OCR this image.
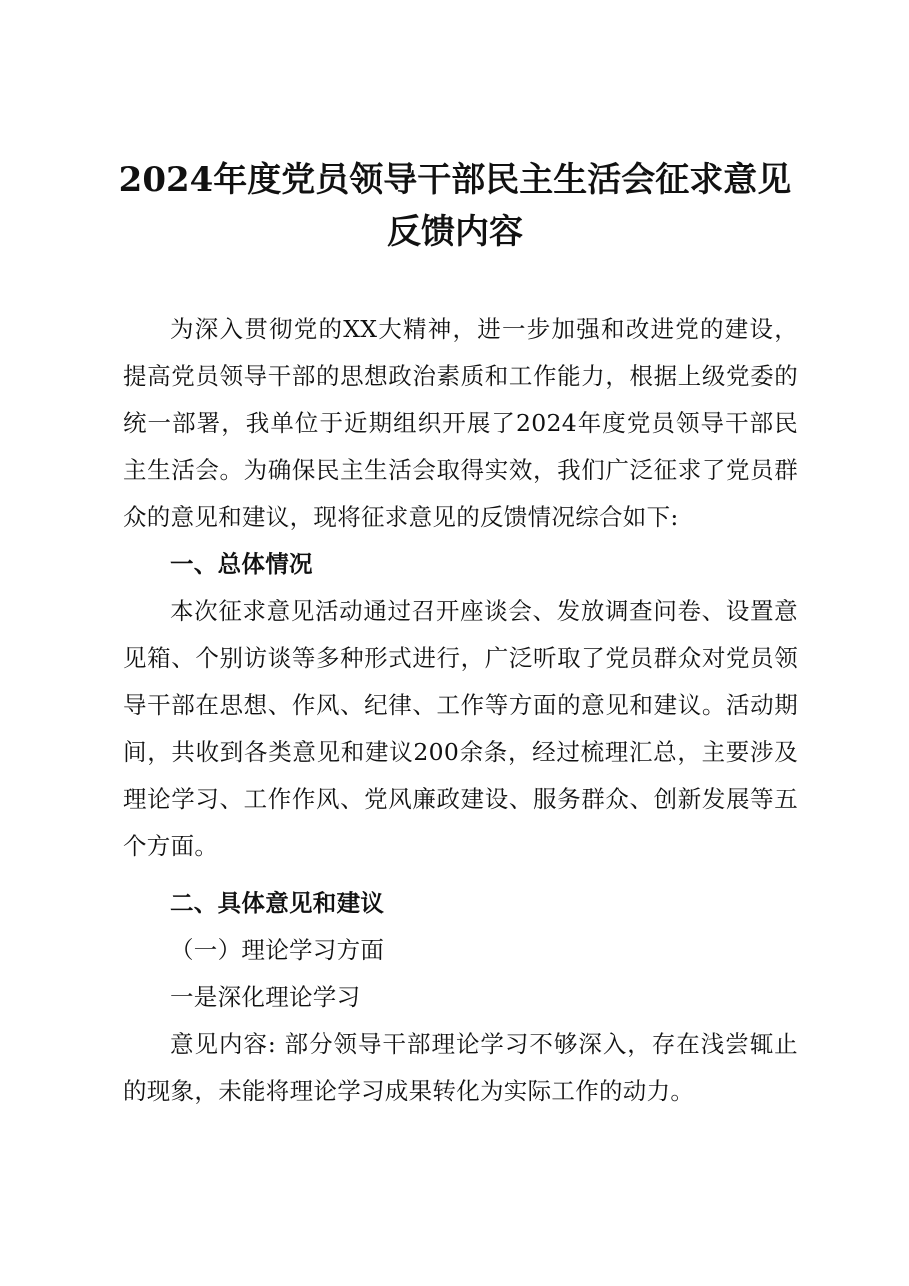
2024年度党员领导干部民主生活会征求意见反馈内容

为深入贯彻党的XX大精神，进一步加强和改进党的建设，提高党员领导干部的思想政治素质和工作能力，根据上级党委的统一部署，我单位于近期组织开展了2024年度党员领导干部民主生活会。为确保民主生活会取得实效，我们广泛征求了党员群众的意见和建议，现将征求意见的反馈情况综合如下:

一、总体情况

本次征求意见活动通过召开座谈会、发放调查问卷、设置意见箱、个别访谈等多种形式进行，广泛听取了党员群众对党员领导干部在思想、作风、纪律、工作等方面的意见和建议。活动期间，共收到各类意见和建议200余条，经过梳理汇总，主要涉及理论学习、工作作风、党风廉政建设、服务群众、创新发展等五个方面。

二、具体意见和建议

（一）理论学习方面

一是深化理论学习

意见内容: 部分领导干部理论学习不够深入，存在浅尝辄止的现象，未能将理论学习成果转化为实际工作的动力。
